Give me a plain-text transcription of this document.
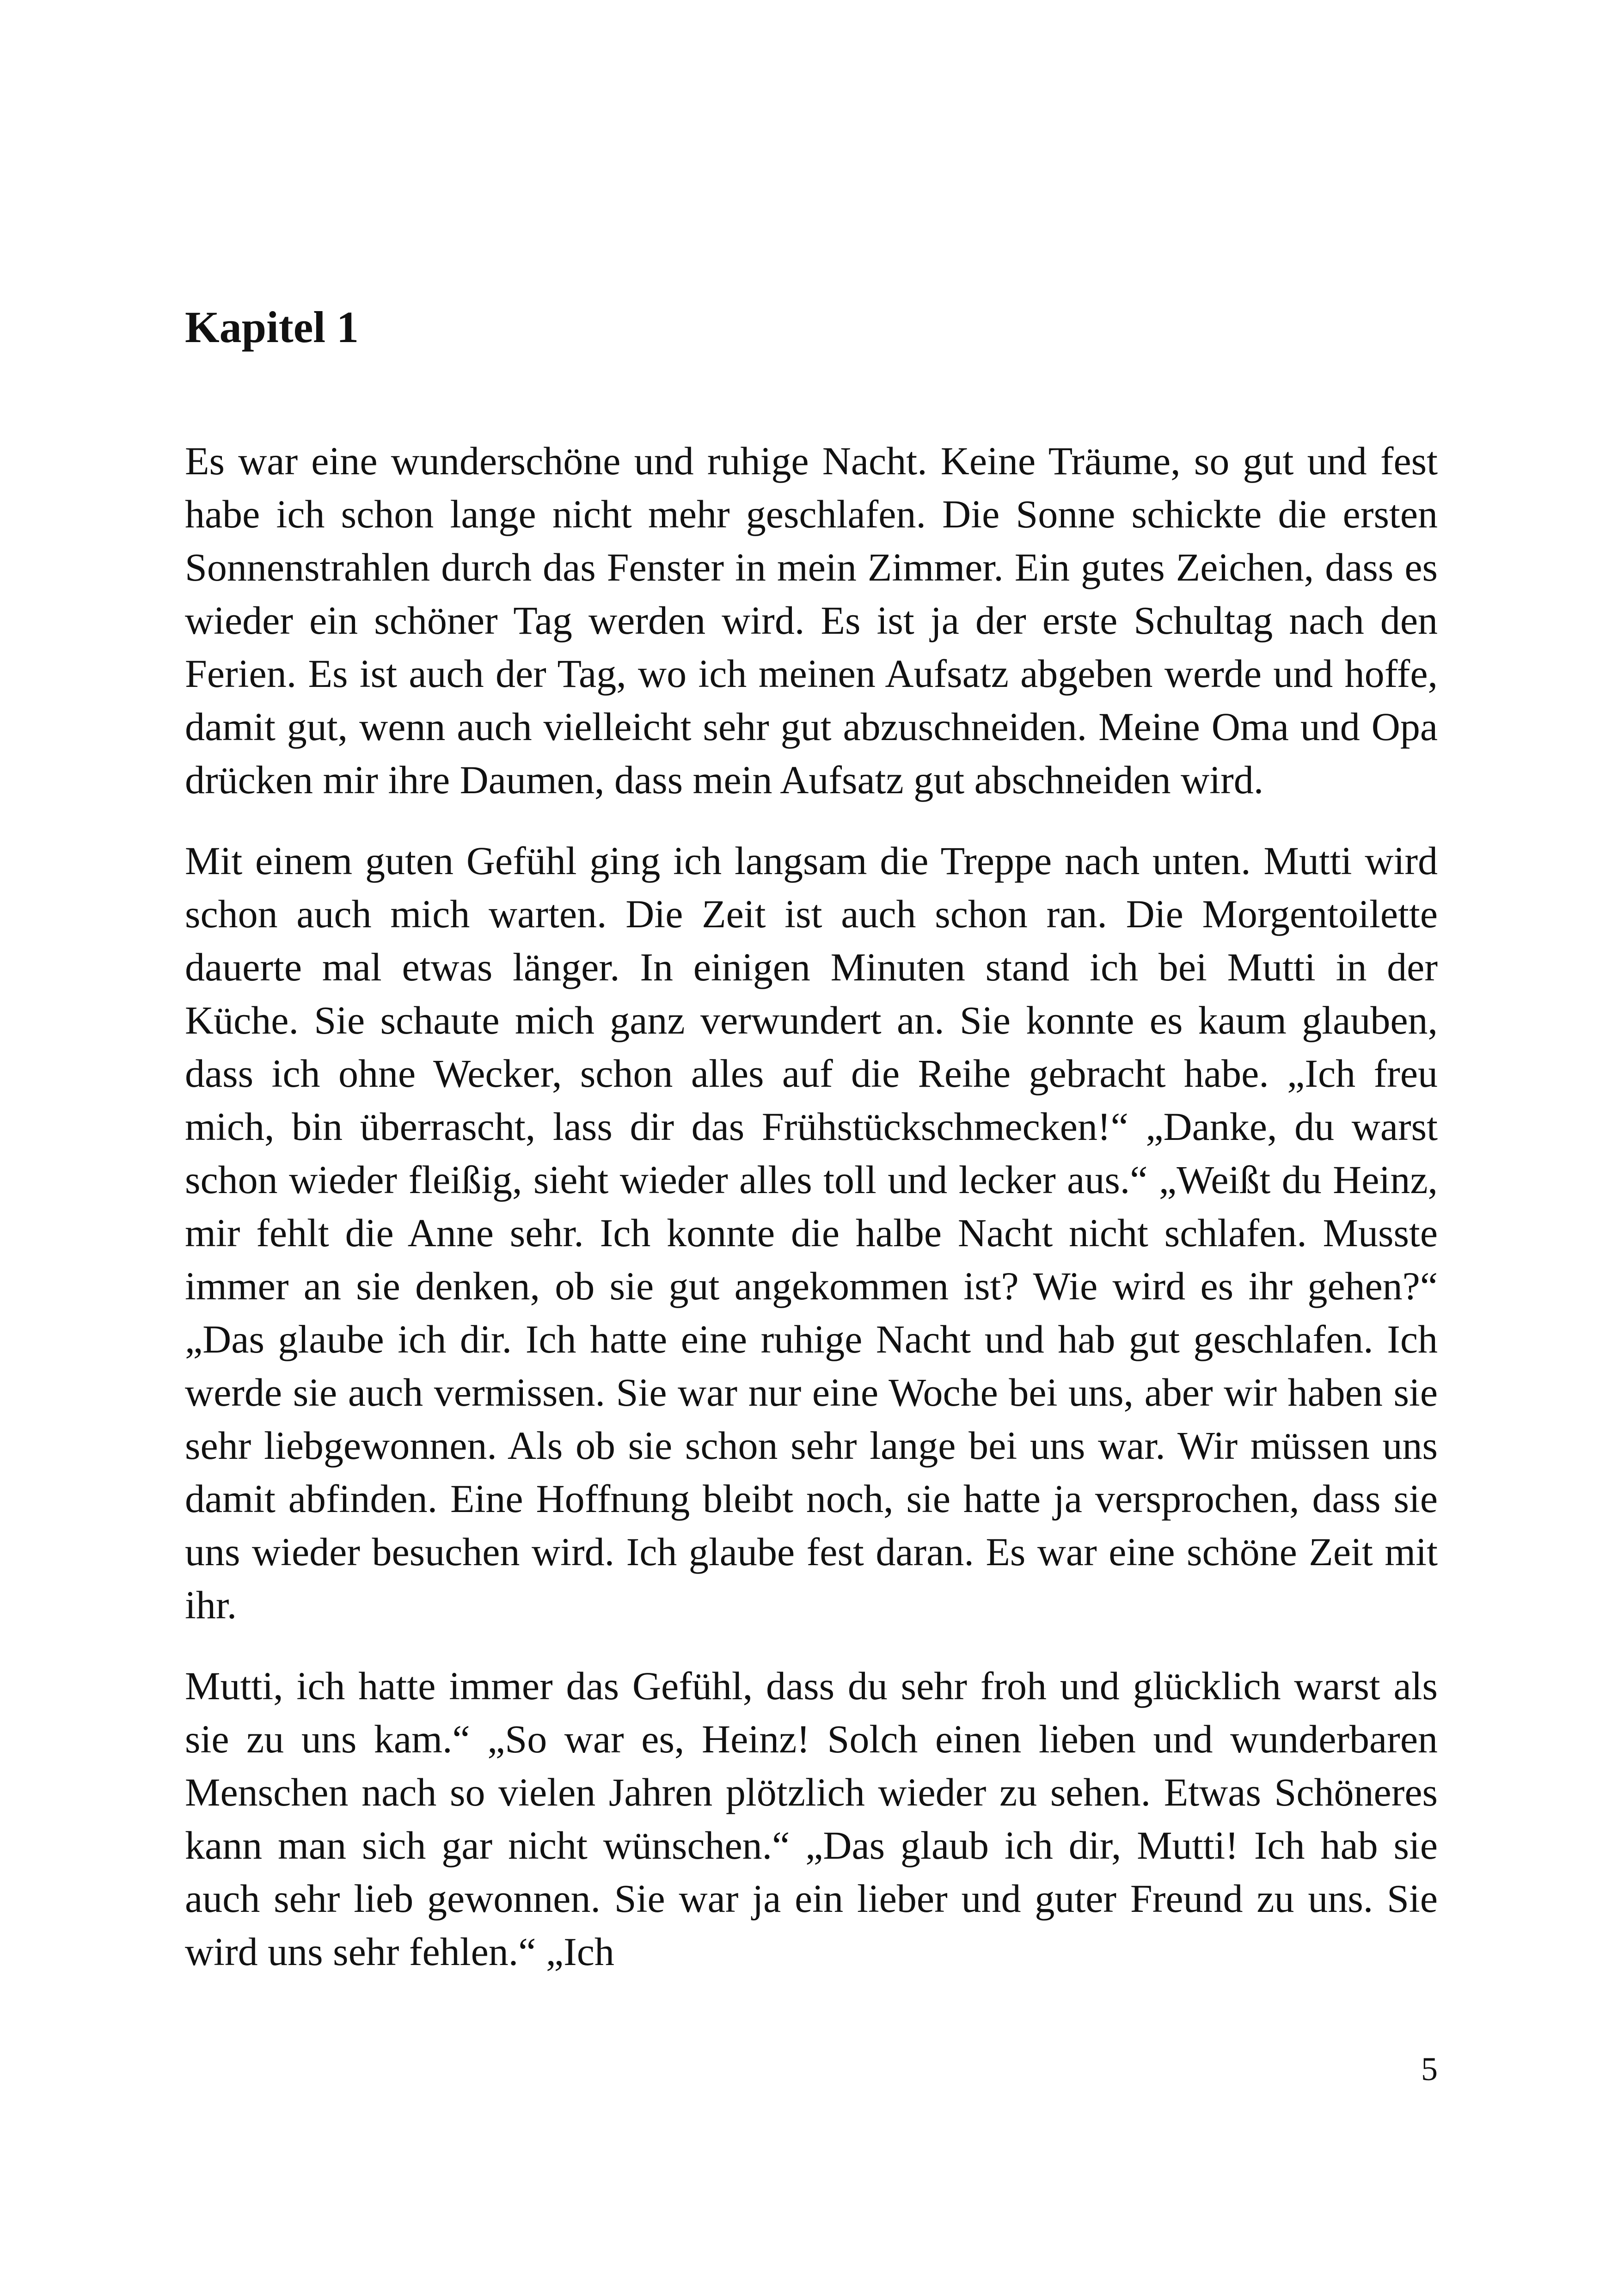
Kapitel 1

Es war eine wunderschöne und ruhige Nacht. Keine Träume, so gut und fest habe ich schon lange nicht mehr geschlafen. Die Sonne schickte die ersten Sonnenstrahlen durch das Fenster in mein Zimmer. Ein gutes Zeichen, dass es wieder ein schöner Tag werden wird. Es ist ja der erste Schultag nach den Ferien. Es ist auch der Tag, wo ich meinen Aufsatz abgeben werde und hoffe, damit gut, wenn auch vielleicht sehr gut abzuschneiden. Meine Oma und Opa drücken mir ihre Daumen, dass mein Aufsatz gut abschneiden wird.

Mit einem guten Gefühl ging ich langsam die Treppe nach unten. Mutti wird schon auch mich warten. Die Zeit ist auch schon ran. Die Morgentoilette dauerte mal etwas länger. In einigen Minuten stand ich bei Mutti in der Küche. Sie schaute mich ganz verwundert an. Sie konnte es kaum glauben, dass ich ohne Wecker, schon alles auf die Reihe gebracht habe. „Ich freu mich, bin überrascht, lass dir das Frühstückschmecken!“ „Danke, du warst schon wieder fleißig, sieht wieder alles toll und lecker aus.“ „Weißt du Heinz, mir fehlt die Anne sehr. Ich konnte die halbe Nacht nicht schlafen. Musste immer an sie denken, ob sie gut angekommen ist? Wie wird es ihr gehen?“ „Das glaube ich dir. Ich hatte eine ruhige Nacht und hab gut geschlafen. Ich werde sie auch vermissen. Sie war nur eine Woche bei uns, aber wir haben sie sehr liebgewonnen. Als ob sie schon sehr lange bei uns war. Wir müssen uns damit abfinden. Eine Hoffnung bleibt noch, sie hatte ja versprochen, dass sie uns wieder besuchen wird. Ich glaube fest daran. Es war eine schöne Zeit mit ihr.

Mutti, ich hatte immer das Gefühl, dass du sehr froh und glücklich warst als sie zu uns kam.“ „So war es, Heinz! Solch einen lieben und wunderbaren Menschen nach so vielen Jahren plötzlich wieder zu sehen. Etwas Schöneres kann man sich gar nicht wünschen.“ „Das glaub ich dir, Mutti! Ich hab sie auch sehr lieb gewonnen. Sie war ja ein lieber und guter Freund zu uns. Sie wird uns sehr fehlen.“ „Ich

5
